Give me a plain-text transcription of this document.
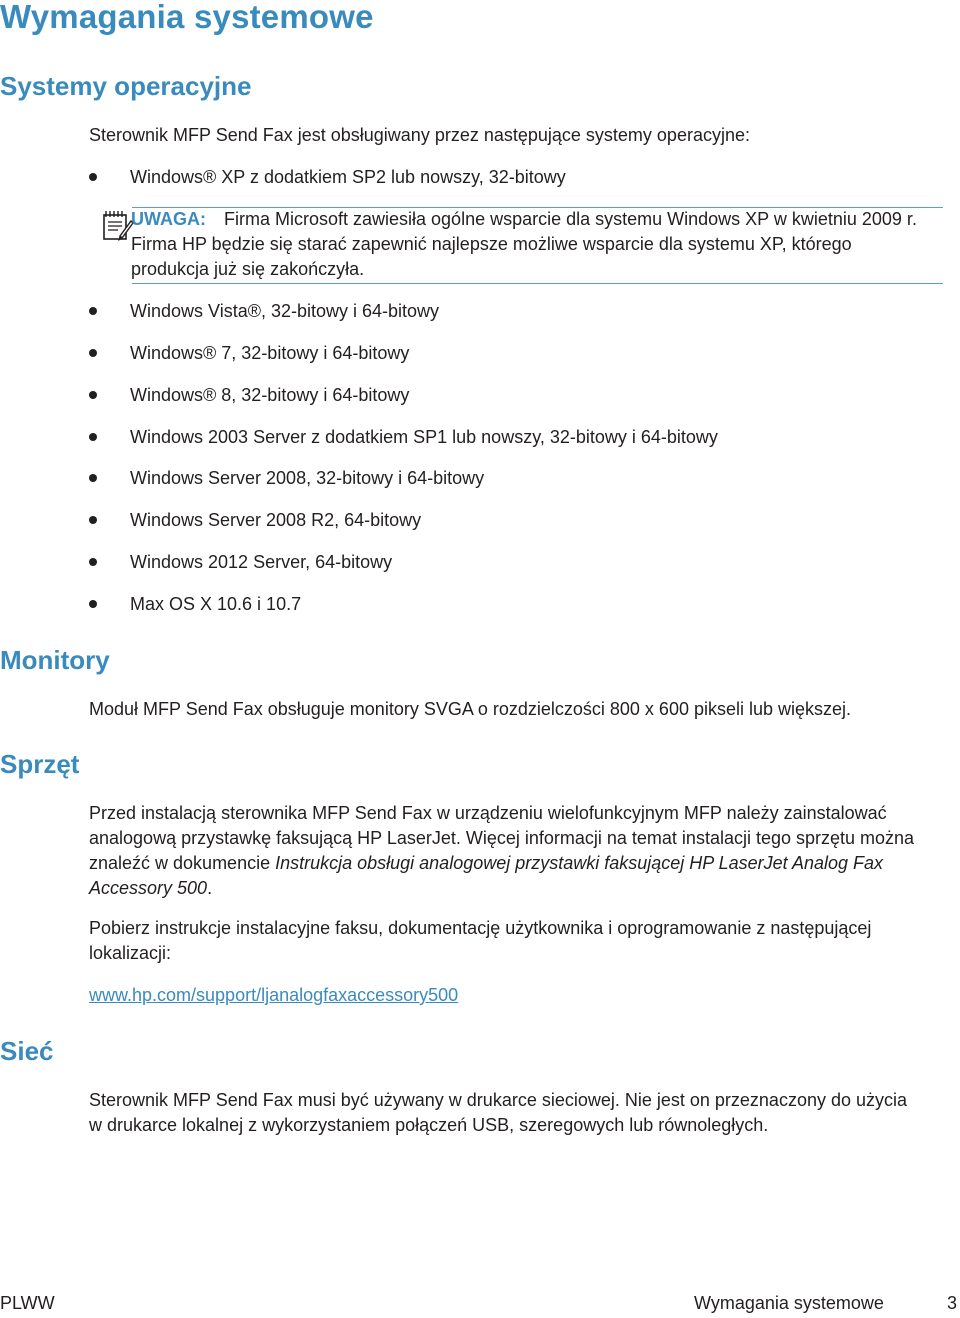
Wymagania systemowe
Systemy operacyjne
Sterownik MFP Send Fax jest obsługiwany przez następujące systemy operacyjne:
Windows® XP z dodatkiem SP2 lub nowszy, 32-bitowy
UWAGA: Firma Microsoft zawiesiła ogólne wsparcie dla systemu Windows XP w kwietniu 2009 r. Firma HP będzie się starać zapewnić najlepsze możliwe wsparcie dla systemu XP, którego produkcja już się zakończyła.
Windows Vista®, 32-bitowy i 64-bitowy
Windows® 7, 32-bitowy i 64-bitowy
Windows® 8, 32-bitowy i 64-bitowy
Windows 2003 Server z dodatkiem SP1 lub nowszy, 32-bitowy i 64-bitowy
Windows Server 2008, 32-bitowy i 64-bitowy
Windows Server 2008 R2, 64-bitowy
Windows 2012 Server, 64-bitowy
Max OS X 10.6 i 10.7
Monitory
Moduł MFP Send Fax obsługuje monitory SVGA o rozdzielczości 800 x 600 pikseli lub większej.
Sprzęt
Przed instalacją sterownika MFP Send Fax w urządzeniu wielofunkcyjnym MFP należy zainstalować analogową przystawkę faksującą HP LaserJet. Więcej informacji na temat instalacji tego sprzętu można znaleźć w dokumencie Instrukcja obsługi analogowej przystawki faksującej HP LaserJet Analog Fax Accessory 500.
Pobierz instrukcje instalacyjne faksu, dokumentację użytkownika i oprogramowanie z następującej lokalizacji:
www.hp.com/support/ljanalogfaxaccessory500
Sieć
Sterownik MFP Send Fax musi być używany w drukarce sieciowej. Nie jest on przeznaczony do użycia w drukarce lokalnej z wykorzystaniem połączeń USB, szeregowych lub równoległych.
PLWW	Wymagania systemowe	3
